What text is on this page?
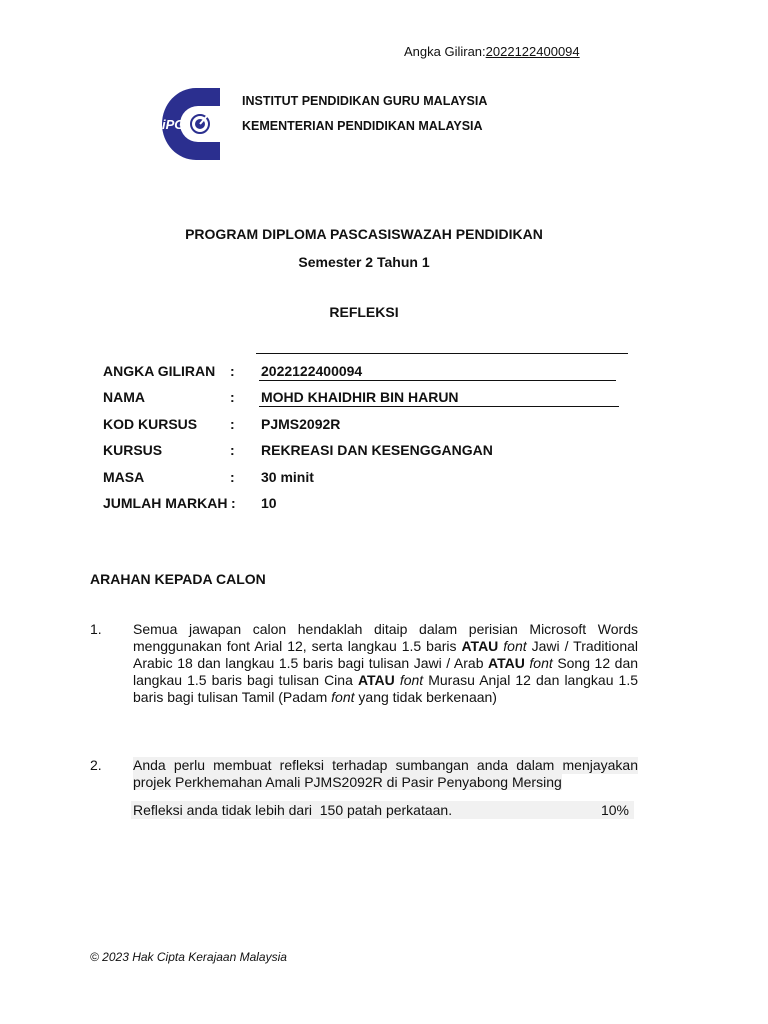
Angka Giliran:2022122400094
iPG
INSTITUT PENDIDIKAN GURU MALAYSIA
KEMENTERIAN PENDIDIKAN MALAYSIA
PROGRAM DIPLOMA PASCASISWAZAH PENDIDIKAN
Semester 2 Tahun 1
REFLEKSI
ANGKA GILIRAN : 2022122400094
NAMA	: MOHD KHAIDHIR BIN HARUN
KOD KURSUS : PJMS2092R
KURSUS	: REKREASI DAN KESENGGANGAN
MASA	: 30 minit
JUMLAH MARKAH : 10
ARAHAN KEPADA CALON
1. Semua jawapan calon hendaklah ditaip dalam perisian Microsoft Words
menggunakan font Arial 12, serta langkau 1.5 baris ATAU font Jawi / Traditional
Arabic 18 dan langkau 1.5 baris bagi tulisan Jawi / Arab ATAU font Song 12 dan
langkau 1.5 baris bagi tulisan Cina ATAU font Murasu Anjal 12 dan langkau 1.5
baris bagi tulisan Tamil (Padam font yang tidak berkenaan)
2. Anda perlu membuat refleksi terhadap sumbangan anda dalam menjayakan
projek Perkhemahan Amali PJMS2092R di Pasir Penyabong Mersing
Refleksi anda tidak lebih dari  150 patah perkataan.	10%
© 2023 Hak Cipta Kerajaan Malaysia
